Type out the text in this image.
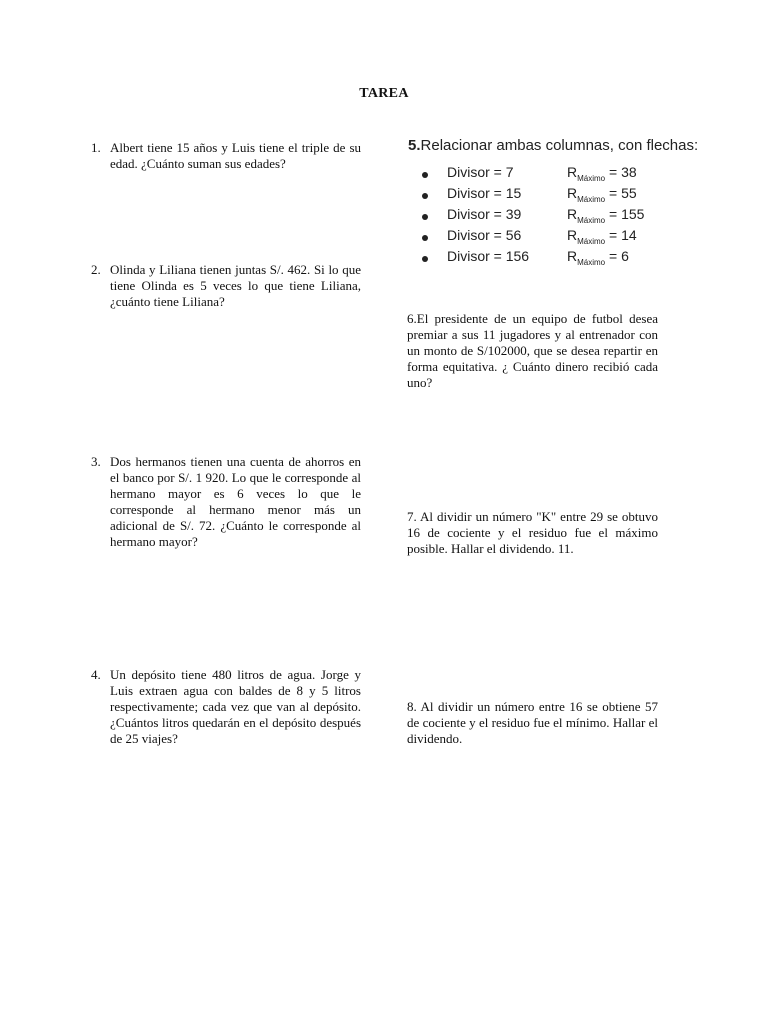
TAREA
1. Albert tiene 15 años y Luis tiene el triple de su edad. ¿Cuánto suman sus edades?
2. Olinda y Liliana tienen juntas S/. 462. Si lo que tiene Olinda es 5 veces lo que tiene Liliana, ¿cuánto tiene Liliana?
3. Dos hermanos tienen una cuenta de ahorros en el banco por S/. 1 920. Lo que le corresponde al hermano mayor es 6 veces lo que le corresponde al hermano menor más un adicional de S/. 72. ¿Cuánto le corresponde al hermano mayor?
4. Un depósito tiene 480 litros de agua. Jorge y Luis extraen agua con baldes de 8 y 5 litros respectivamente; cada vez que van al depósito. ¿Cuántos litros quedarán en el depósito después de 25 viajes?
5.Relacionar ambas columnas, con flechas:
Divisor = 7	$R_{Máximo} = 38$
Divisor = 15	$R_{Máximo} = 55$
Divisor = 39	$R_{Máximo} = 155$
Divisor = 56	$R_{Máximo} = 14$
Divisor = 156	$R_{Máximo} = 6$
6.El presidente de un equipo de futbol desea premiar a sus 11 jugadores y al entrenador con un monto de S/102000, que se desea repartir en forma equitativa. ¿ Cuánto dinero recibió cada uno?
7. Al dividir un número "K" entre 29 se obtuvo 16 de cociente y el residuo fue el máximo posible. Hallar el dividendo. 11.
8. Al dividir un número entre 16 se obtiene 57 de cociente y el residuo fue el mínimo. Hallar el dividendo.
